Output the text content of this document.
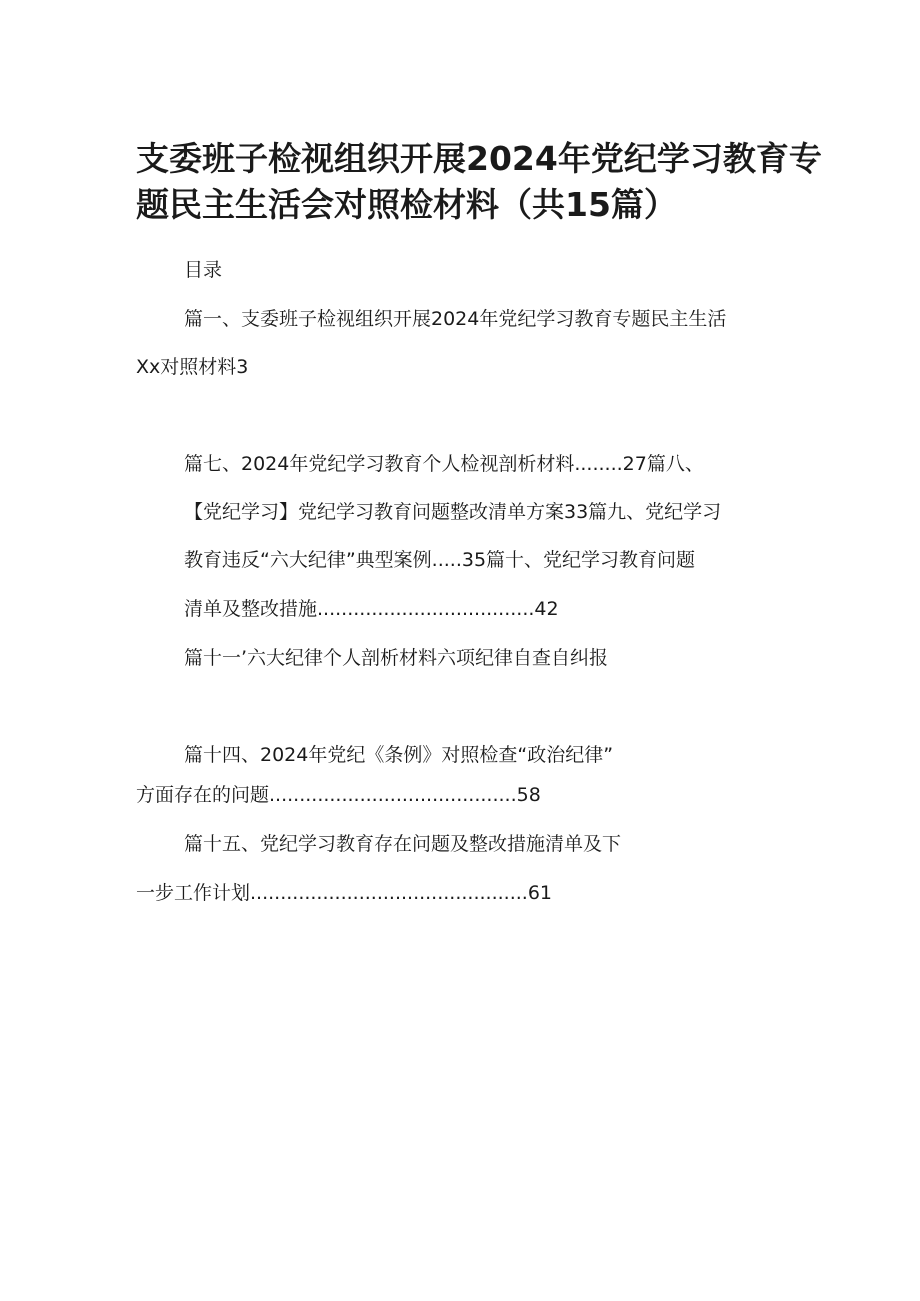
支委班子检视组织开展2024年党纪学习教育专
题民主生活会对照检材料（共15篇）
目录
篇一、支委班子检视组织开展2024年党纪学习教育专题民主生活
Xx对照材料3
篇七、2024年党纪学习教育个人检视剖析材料........27篇八、
【党纪学习】党纪学习教育问题整改清单方案33篇九、党纪学习
教育违反“六大纪律”典型案例.....35篇十、党纪学习教育问题
清单及整改措施....................................42
篇十一’六大纪律个人剖析材料六项纪律自查自纠报
篇十四、2024年党纪《条例》对照检查“政治纪律”
方面存在的问题.........................................58
篇十五、党纪学习教育存在问题及整改措施清单及下
一步工作计划..............................................61
